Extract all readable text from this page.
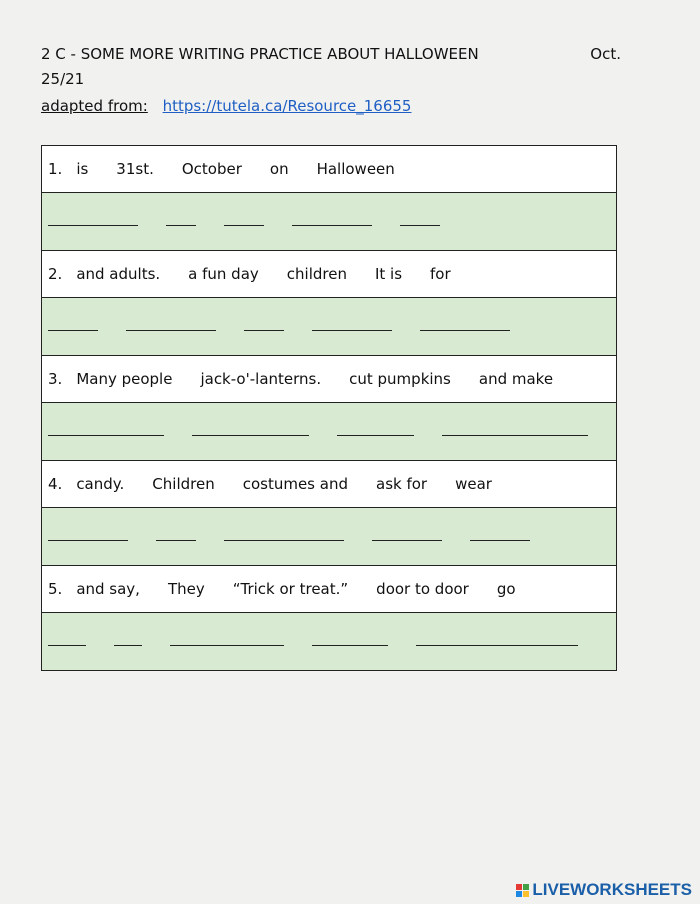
2 C - SOME MORE WRITING PRACTICE ABOUT HALLOWEEN	Oct.
25/21
adapted from: https://tutela.ca/Resource_16655
1. is 31st. October on Halloween
2. and adults. a fun day children It is for
3. Many people jack-o'-lanterns. cut pumpkins and make
4. candy. Children costumes and ask for wear
5. and say, They “Trick or treat.” door to door go
LIVEWORKSHEETS
